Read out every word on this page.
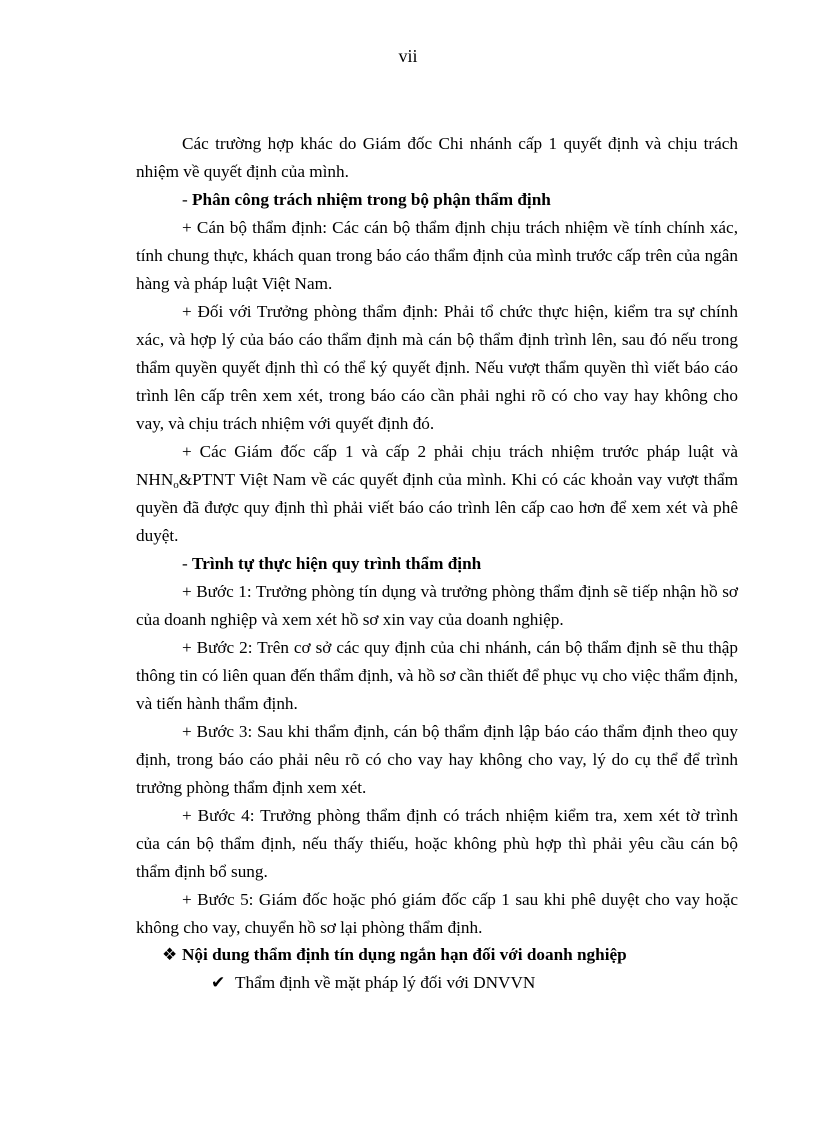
vii

Các trường hợp khác do Giám đốc Chi nhánh cấp 1 quyết định và chịu trách nhiệm về quyết định của mình.

- Phân công trách nhiệm trong bộ phận thẩm định

+ Cán bộ thẩm định: Các cán bộ thẩm định chịu trách nhiệm về tính chính xác, tính chung thực, khách quan trong báo cáo thẩm định của mình trước cấp trên của ngân hàng và pháp luật Việt Nam.

+ Đối với Trưởng phòng thẩm định: Phải tổ chức thực hiện, kiểm tra sự chính xác, và hợp lý của báo cáo thẩm định mà cán bộ thẩm định trình lên, sau đó nếu trong thẩm quyền quyết định thì có thể ký quyết định. Nếu vượt thẩm quyền thì viết báo cáo trình lên cấp trên xem xét, trong báo cáo cần phải nghi rõ có cho vay hay không cho vay, và chịu trách nhiệm với quyết định đó.

+ Các Giám đốc cấp 1 và cấp 2 phải chịu trách nhiệm trước pháp luật và $NHN_o\&PTNT$ Việt Nam về các quyết định của mình. Khi có các khoản vay vượt thẩm quyền đã được quy định thì phải viết báo cáo trình lên cấp cao hơn để xem xét và phê duyệt.

- Trình tự thực hiện quy trình thẩm định

+ Bước 1: Trưởng phòng tín dụng và trưởng phòng thẩm định sẽ tiếp nhận hồ sơ của doanh nghiệp và xem xét hồ sơ xin vay của doanh nghiệp.

+ Bước 2: Trên cơ sở các quy định của chi nhánh, cán bộ thẩm định sẽ thu thập thông tin có liên quan đến thẩm định, và hồ sơ cần thiết để phục vụ cho việc thẩm định, và tiến hành thẩm định.

+ Bước 3: Sau khi thẩm định, cán bộ thẩm định lập báo cáo thẩm định theo quy định, trong báo cáo phải nêu rõ có cho vay hay không cho vay, lý do cụ thể để trình trưởng phòng thẩm định xem xét.

+ Bước 4: Trưởng phòng thẩm định có trách nhiệm kiểm tra, xem xét tờ trình của cán bộ thẩm định, nếu thấy thiếu, hoặc không phù hợp thì phải yêu cầu cán bộ thẩm định bổ sung.

+ Bước 5: Giám đốc hoặc phó giám đốc cấp 1 sau khi phê duyệt cho vay hoặc không cho vay, chuyển hồ sơ lại phòng thẩm định.

❖ Nội dung thẩm định tín dụng ngắn hạn đối với doanh nghiệp
✔ Thẩm định về mặt pháp lý đối với DNVVN
